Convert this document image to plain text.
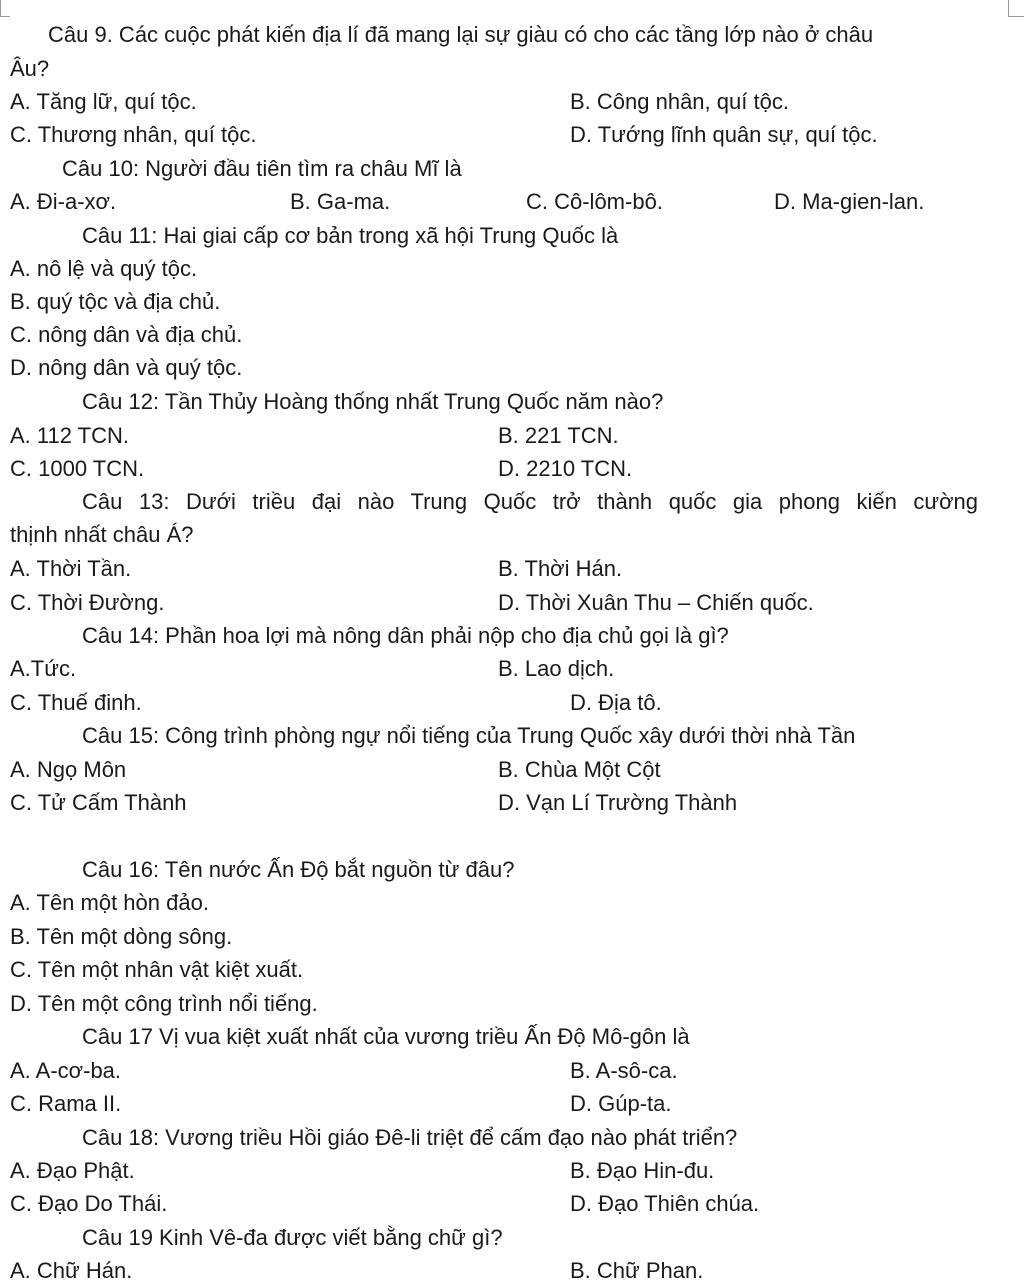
Câu 9. Các cuộc phát kiến địa lí đã mang lại sự giàu có cho các tầng lớp nào ở châu

Âu?

A. Tăng lữ, quí tộc.	B. Công nhân, quí tộc.

C. Thương nhân, quí tộc.	D. Tướng lĩnh quân sự, quí tộc.

Câu 10: Người đầu tiên tìm ra châu Mĩ là

A. Đi-a-xơ.	B. Ga-ma.	C. Cô-lôm-bô.	D. Ma-gien-lan.

Câu 11: Hai giai cấp cơ bản trong xã hội Trung Quốc là

A. nô lệ và quý tộc.

B. quý tộc và địa chủ.

C. nông dân và địa chủ.

D. nông dân và quý tộc.

Câu 12: Tần Thủy Hoàng thống nhất Trung Quốc năm nào?

A. 112 TCN.	B. 221 TCN.

C. 1000 TCN.	D. 2210 TCN.

Câu 13: Dưới triều đại nào Trung Quốc trở thành quốc gia phong kiến cường

thịnh nhất châu Á?

A. Thời Tần.	B. Thời Hán.

C. Thời Đường.	D. Thời Xuân Thu – Chiến quốc.

Câu 14: Phần hoa lợi mà nông dân phải nộp cho địa chủ gọi là gì?

A.Tức.	B. Lao dịch.

C. Thuế đinh.	D. Địa tô.

Câu 15: Công trình phòng ngự nổi tiếng của Trung Quốc xây dưới thời nhà Tần

A. Ngọ Môn	B. Chùa Một Cột

C. Tử Cấm Thành	D. Vạn Lí Trường Thành

Câu 16: Tên nước Ấn Độ bắt nguồn từ đâu?

A. Tên một hòn đảo.

B. Tên một dòng sông.

C. Tên một nhân vật kiệt xuất.

D. Tên một công trình nổi tiếng.

Câu 17 Vị vua kiệt xuất nhất của vương triều Ấn Độ Mô-gôn là

A. A-cơ-ba.	B. A-sô-ca.

C. Rama II.	D. Gúp-ta.

Câu 18: Vương triều Hồi giáo Đê-li triệt để cấm đạo nào phát triển?

A. Đạo Phật.	B. Đạo Hin-đu.

C. Đạo Do Thái.	D. Đạo Thiên chúa.

Câu 19 Kinh Vê-đa được viết bằng chữ gì?

A. Chữ Hán.	B. Chữ Phan.
